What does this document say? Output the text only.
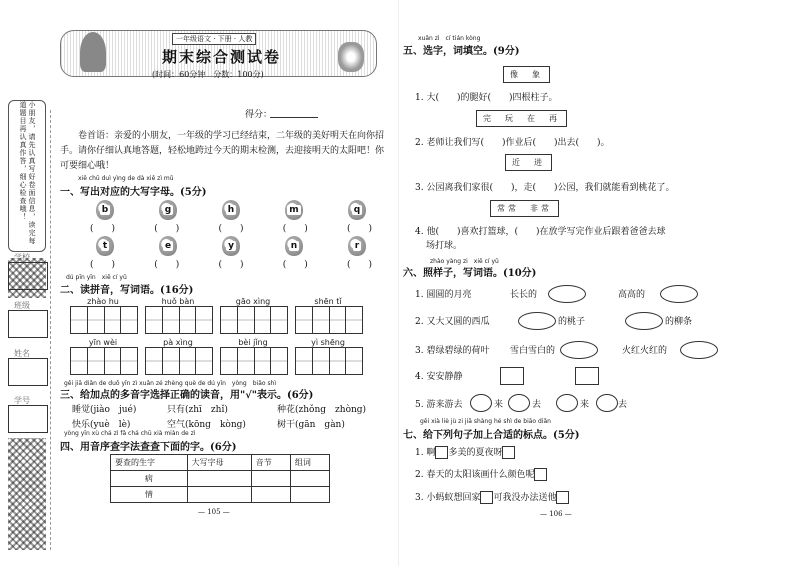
小朋友，请先认真写好卷面信息，读完每道题目再认真作答，细心检查哦！
学校
班级
姓名
学号
一年级语文 · 下册 · 人教
期末综合测试卷
(时间：60分钟　分数：100分)
得分：
卷首语：亲爱的小朋友，一年级的学习已经结束，二年级的美好明天在向你招手。请你仔细认真地答题，轻松地跨过今天的期末检测，去迎接明天的太阳吧！你可要细心哦！
xiě chū duì yìng de dà xiě zì mǔ
一、写出对应的大写字母。(5分)
b	g	h	m	q
(　　)	(　　)	(　　)	(　　)	(　　)
t	e	y	n	r
(　　)	(　　)	(　　)	(　　)	(　　)
dú pīn yīn　xiě cí yǔ
二、读拼音，写词语。(16分)
zhào hu	huǒ bàn	gāo xìng	shēn tǐ
yīn wèi	pà xìng	bèi jǐng	yì shēng
gěi jiā diǎn de duō yīn zì xuǎn zé zhèng què de dú yīn　yòng　biǎo shì
三、给加点的多音字选择正确的读音，用"√"表示。(6分)
睡觉(jiào　jué)	只有(zhī　zhǐ)	种花(zhǒng　zhòng)
快乐(yuè　lè)	空气(kōng　kòng)	树干(gān　gàn)
yòng yīn xù chá zì fǎ chá chū xià miàn de zì
四、用音序查字法查查下面的字。(6分)
要查的生字	大写字母	音节	组词
病			
情			
— 105 —
xuǎn zì　cí tián kòng
五、选字，词填空。(9分)
像　象
1. 大(　　)的腿好(　　)四根柱子。
完　玩　在　再
2. 老师让我们写(　　)作业后(　　)出去(　　)。
近　进
3. 公园离我们家很(　　)，走(　　)公园，我们就能看到桃花了。
常常　非常
4. 他(　　)喜欢打篮球，(　　)在放学写完作业后跟着爸爸去球
场打球。
zhào yàng zi　xiě cí yǔ
六、照样子，写词语。(10分)
1. 圆圆的月亮	长长的	高高的
2. 又大又圆的西瓜	的桃子	的柳条
3. 碧绿碧绿的荷叶 雪白雪白的	火红火红的
4. 安安静静
5. 游来游去	来	去	来	去
gěi xià liè jù zi jiā shàng hé shì de biāo diǎn
七、给下列句子加上合适的标点。(5分)
1. 啊 多美的夏夜呀
2. 春天的太阳该画什么颜色呢
3. 小蚂蚁想回家 可我没办法送他
— 106 —
